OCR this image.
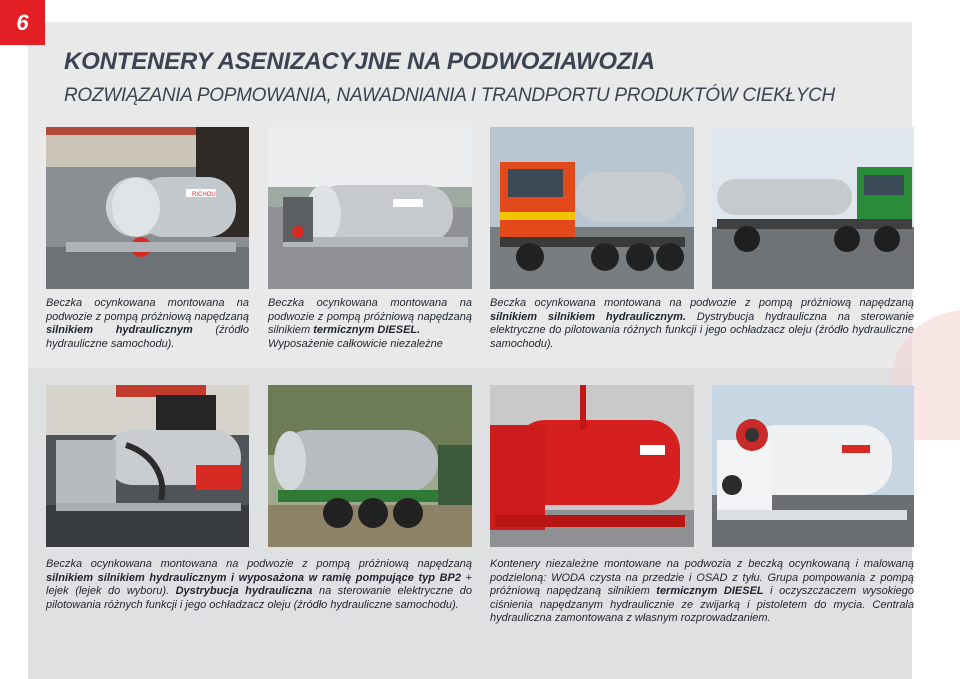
6
KONTENERY ASENIZACYJNE NA PODWOZIAWOZIA
ROZWIĄZANIA POPMOWANIA, NAWADNIANIA I TRANDPORTU PRODUKTÓW CIEKŁYCH
RICHOU

Beczka ocynkowana montowana na podwozie z pompą próżniową napędzaną silnikiem hydraulicznym (źródło hydrauliczne samochodu).

Beczka ocynkowana montowana na podwozie z pompą próżniową napędzaną silnikiem termicznym DIESEL.
Wyposażenie całkowicie niezależne

Beczka ocynkowana montowana na podwozie z pompą próżniową napędzaną silnikiem silnikiem hydraulicznym. Dystrybucja hydrauliczna na sterowanie elektryczne do pilotowania różnych funkcji i jego ochładzacz oleju (źródło hydrauliczne samochodu).

Beczka ocynkowana montowana na podwozie z pompą próżniową napędzaną silnikiem silnikiem hydraulicznym i wyposażona w ramię pompujące typ BP2 + lejek (lejek do wyboru). Dystrybucja hydrauliczna na sterowanie elektryczne do pilotowania różnych funkcji i jego ochładzacz oleju (źródło hydrauliczne samochodu).

Kontenery niezależne montowane na podwozia z beczką ocynkowaną i malowaną podzieloną: WODA czysta na przedzie i OSAD z tyłu. Grupa pompowania z pompą próżniową napędzaną silnikiem termicznym DIESEL i oczyszczaczem wysokiego ciśnienia napędzanym hydraulicznie ze zwijarką i pistoletem do mycia. Centrala hydrauliczna zamontowana z własnym rozprowadzaniem.
